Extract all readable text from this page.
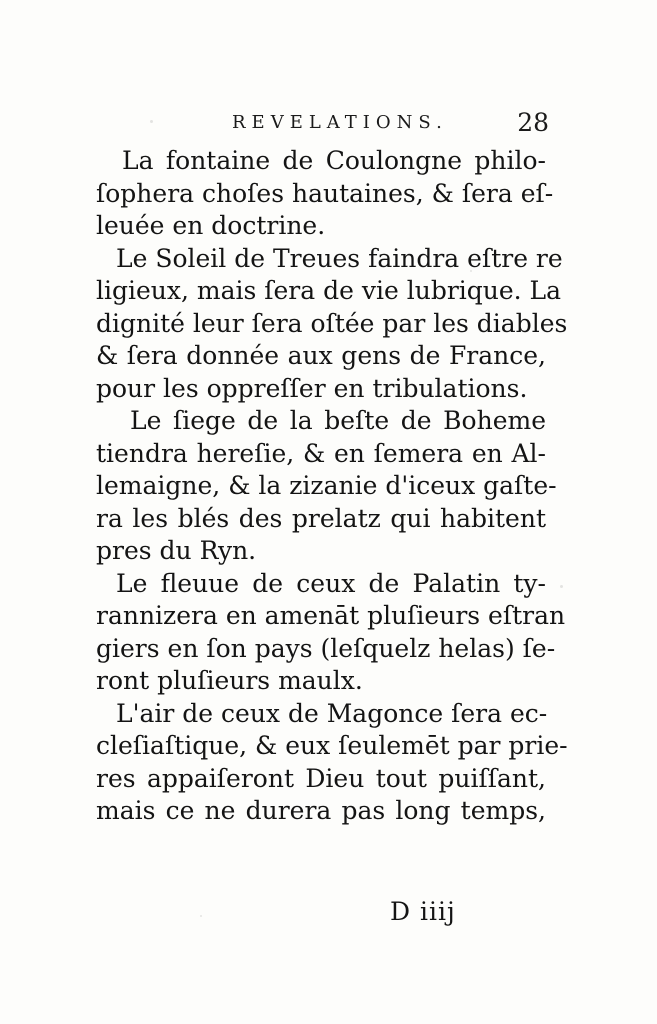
REVELATIONS.	28
La fontaine de Coulongne philo-
ſophera choſes hautaines, & ſera eſ-
leuée en doctrine.
Le Soleil de Treues faindra eſtre re
ligieux, mais ſera de vie lubrique. La
dignité leur ſera oſtée par les diables
& ſera donnée aux gens de France,
pour les oppreſſer en tribulations.
Le ſiege de la beſte de Boheme
tiendra hereſie, & en ſemera en Al-
lemaigne, & la zizanie d'iceux gaſte-
ra les blés des prelatz qui habitent
pres du Ryn.
Le fleuue de ceux de Palatin ty-
rannizera en amenāt pluſieurs eſtran
giers en ſon pays (leſquelz helas) ſe-
ront pluſieurs maulx.
L'air de ceux de Magonce ſera ec-
cleſiaſtique, & eux ſeulemēt par prie-
res appaiſeront Dieu tout puiſſant,
mais ce ne durera pas long temps,
D iiij
